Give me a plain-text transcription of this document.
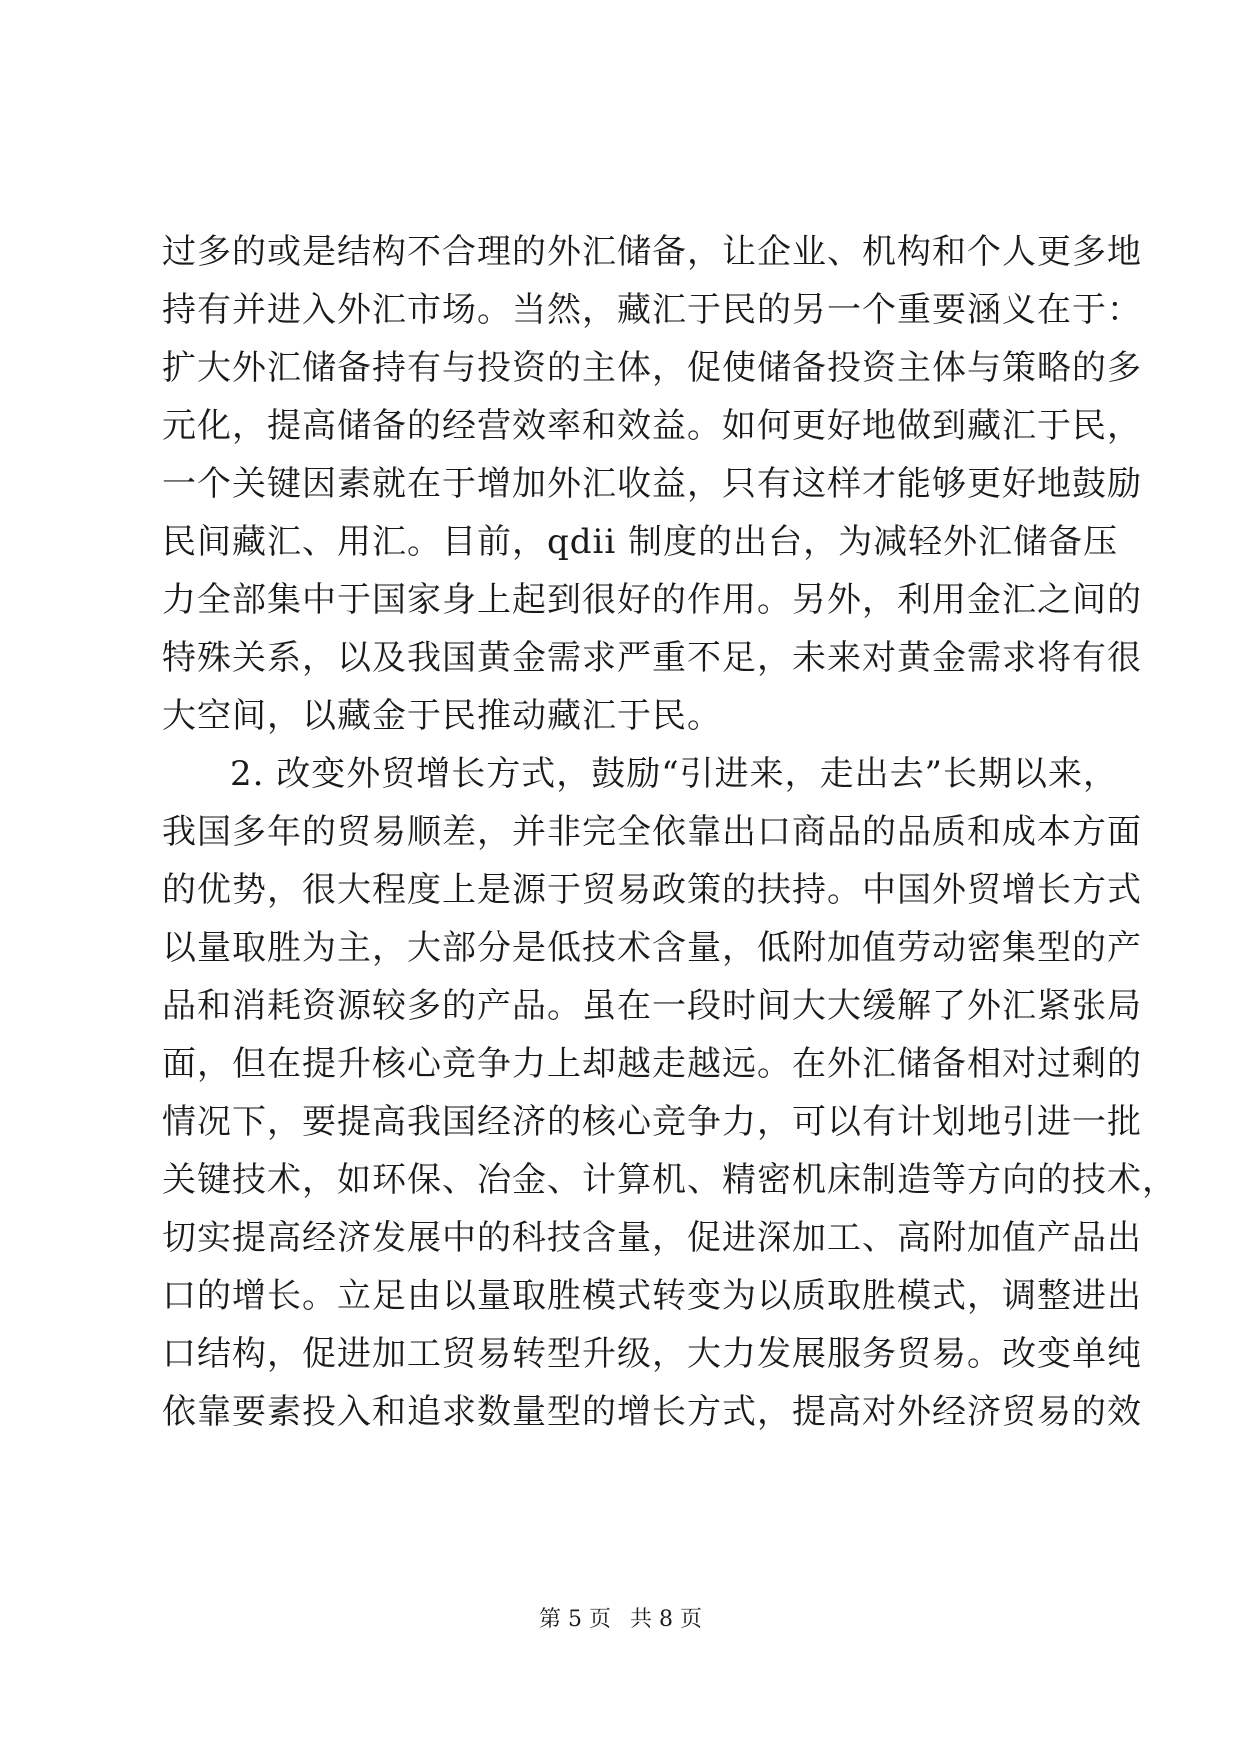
过多的或是结构不合理的外汇储备，让企业、机构和个人更多地
持有并进入外汇市场。当然，藏汇于民的另一个重要涵义在于：
扩大外汇储备持有与投资的主体，促使储备投资主体与策略的多
元化，提高储备的经营效率和效益。如何更好地做到藏汇于民，
一个关键因素就在于增加外汇收益，只有这样才能够更好地鼓励
民间藏汇、用汇。目前，qdii 制度的出台，为减轻外汇储备压
力全部集中于国家身上起到很好的作用。另外，利用金汇之间的
特殊关系，以及我国黄金需求严重不足，未来对黄金需求将有很
大空间，以藏金于民推动藏汇于民。
2. 改变外贸增长方式，鼓励“引进来，走出去”长期以来，
我国多年的贸易顺差，并非完全依靠出口商品的品质和成本方面
的优势，很大程度上是源于贸易政策的扶持。中国外贸增长方式
以量取胜为主，大部分是低技术含量，低附加值劳动密集型的产
品和消耗资源较多的产品。虽在一段时间大大缓解了外汇紧张局
面，但在提升核心竞争力上却越走越远。在外汇储备相对过剩的
情况下，要提高我国经济的核心竞争力，可以有计划地引进一批
关键技术，如环保、冶金、计算机、精密机床制造等方向的技术，
切实提高经济发展中的科技含量，促进深加工、高附加值产品出
口的增长。立足由以量取胜模式转变为以质取胜模式，调整进出
口结构，促进加工贸易转型升级，大力发展服务贸易。改变单纯
依靠要素投入和追求数量型的增长方式，提高对外经济贸易的效
第 5 页 共 8 页
